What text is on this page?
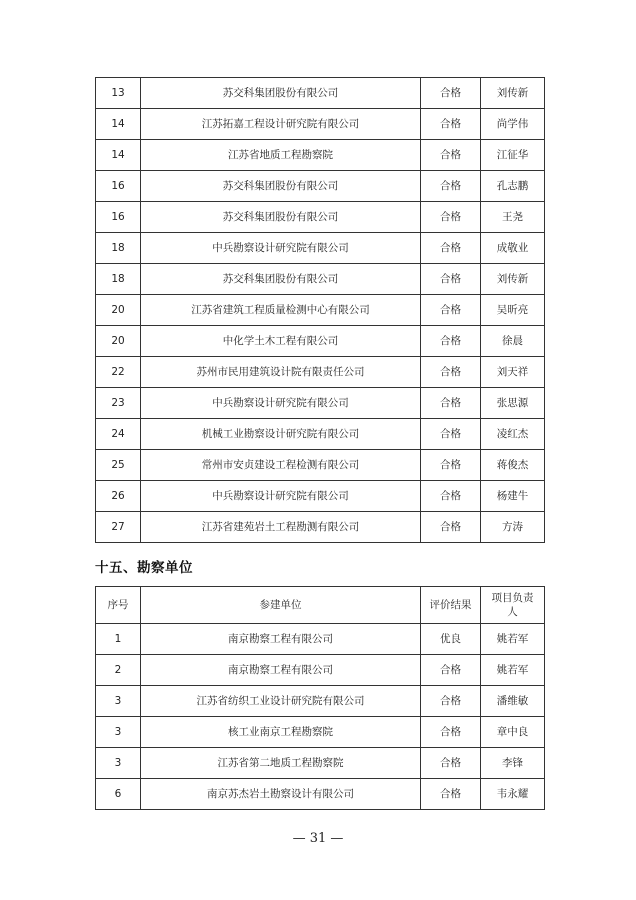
13	苏交科集团股份有限公司	合格	刘传新
14	江苏拓嘉工程设计研究院有限公司	合格	尚学伟
14	江苏省地质工程勘察院	合格	江征华
16	苏交科集团股份有限公司	合格	孔志鹏
16	苏交科集团股份有限公司	合格	王尧
18	中兵勘察设计研究院有限公司	合格	成敬业
18	苏交科集团股份有限公司	合格	刘传新
20	江苏省建筑工程质量检测中心有限公司	合格	吴昕亮
20	中化学土木工程有限公司	合格	徐晨
22	苏州市民用建筑设计院有限责任公司	合格	刘天祥
23	中兵勘察设计研究院有限公司	合格	张思源
24	机械工业勘察设计研究院有限公司	合格	凌红杰
25	常州市安贞建设工程检测有限公司	合格	蒋俊杰
26	中兵勘察设计研究院有限公司	合格	杨建牛
27	江苏省建苑岩土工程勘测有限公司	合格	方涛
十五、勘察单位
序号	参建单位	评价结果	项目负责人
1	南京勘察工程有限公司	优良	姚若军
2	南京勘察工程有限公司	合格	姚若军
3	江苏省纺织工业设计研究院有限公司	合格	潘维敏
3	核工业南京工程勘察院	合格	章中良
3	江苏省第二地质工程勘察院	合格	李锋
6	南京苏杰岩土勘察设计有限公司	合格	韦永耀
— 31 —
